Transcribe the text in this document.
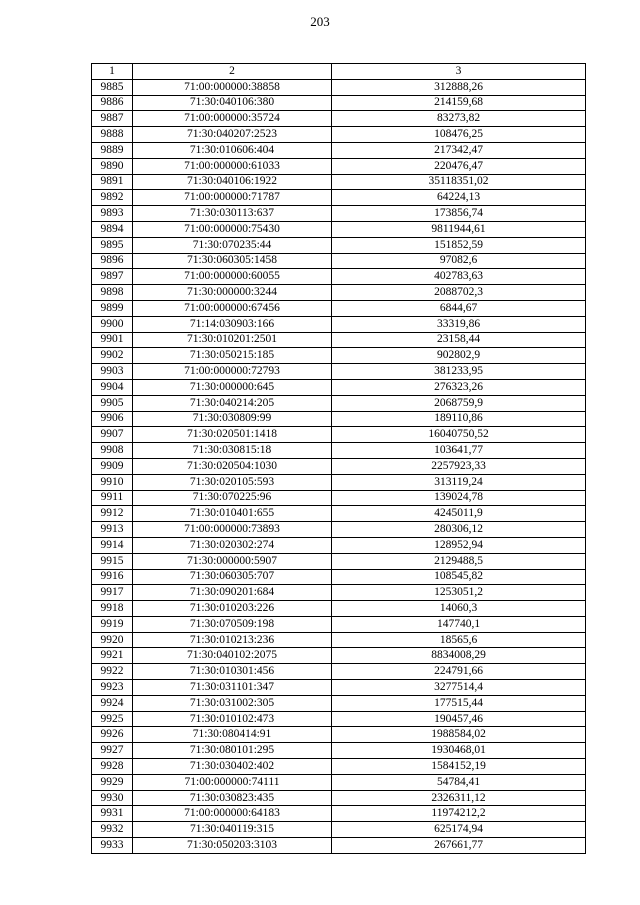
203
1	2	3
9885	71:00:000000:38858	312888,26
9886	71:30:040106:380	214159,68
9887	71:00:000000:35724	83273,82
9888	71:30:040207:2523	108476,25
9889	71:30:010606:404	217342,47
9890	71:00:000000:61033	220476,47
9891	71:30:040106:1922	35118351,02
9892	71:00:000000:71787	64224,13
9893	71:30:030113:637	173856,74
9894	71:00:000000:75430	9811944,61
9895	71:30:070235:44	151852,59
9896	71:30:060305:1458	97082,6
9897	71:00:000000:60055	402783,63
9898	71:30:000000:3244	2088702,3
9899	71:00:000000:67456	6844,67
9900	71:14:030903:166	33319,86
9901	71:30:010201:2501	23158,44
9902	71:30:050215:185	902802,9
9903	71:00:000000:72793	381233,95
9904	71:30:000000:645	276323,26
9905	71:30:040214:205	2068759,9
9906	71:30:030809:99	189110,86
9907	71:30:020501:1418	16040750,52
9908	71:30:030815:18	103641,77
9909	71:30:020504:1030	2257923,33
9910	71:30:020105:593	313119,24
9911	71:30:070225:96	139024,78
9912	71:30:010401:655	4245011,9
9913	71:00:000000:73893	280306,12
9914	71:30:020302:274	128952,94
9915	71:30:000000:5907	2129488,5
9916	71:30:060305:707	108545,82
9917	71:30:090201:684	1253051,2
9918	71:30:010203:226	14060,3
9919	71:30:070509:198	147740,1
9920	71:30:010213:236	18565,6
9921	71:30:040102:2075	8834008,29
9922	71:30:010301:456	224791,66
9923	71:30:031101:347	3277514,4
9924	71:30:031002:305	177515,44
9925	71:30:010102:473	190457,46
9926	71:30:080414:91	1988584,02
9927	71:30:080101:295	1930468,01
9928	71:30:030402:402	1584152,19
9929	71:00:000000:74111	54784,41
9930	71:30:030823:435	2326311,12
9931	71:00:000000:64183	11974212,2
9932	71:30:040119:315	625174,94
9933	71:30:050203:3103	267661,77
